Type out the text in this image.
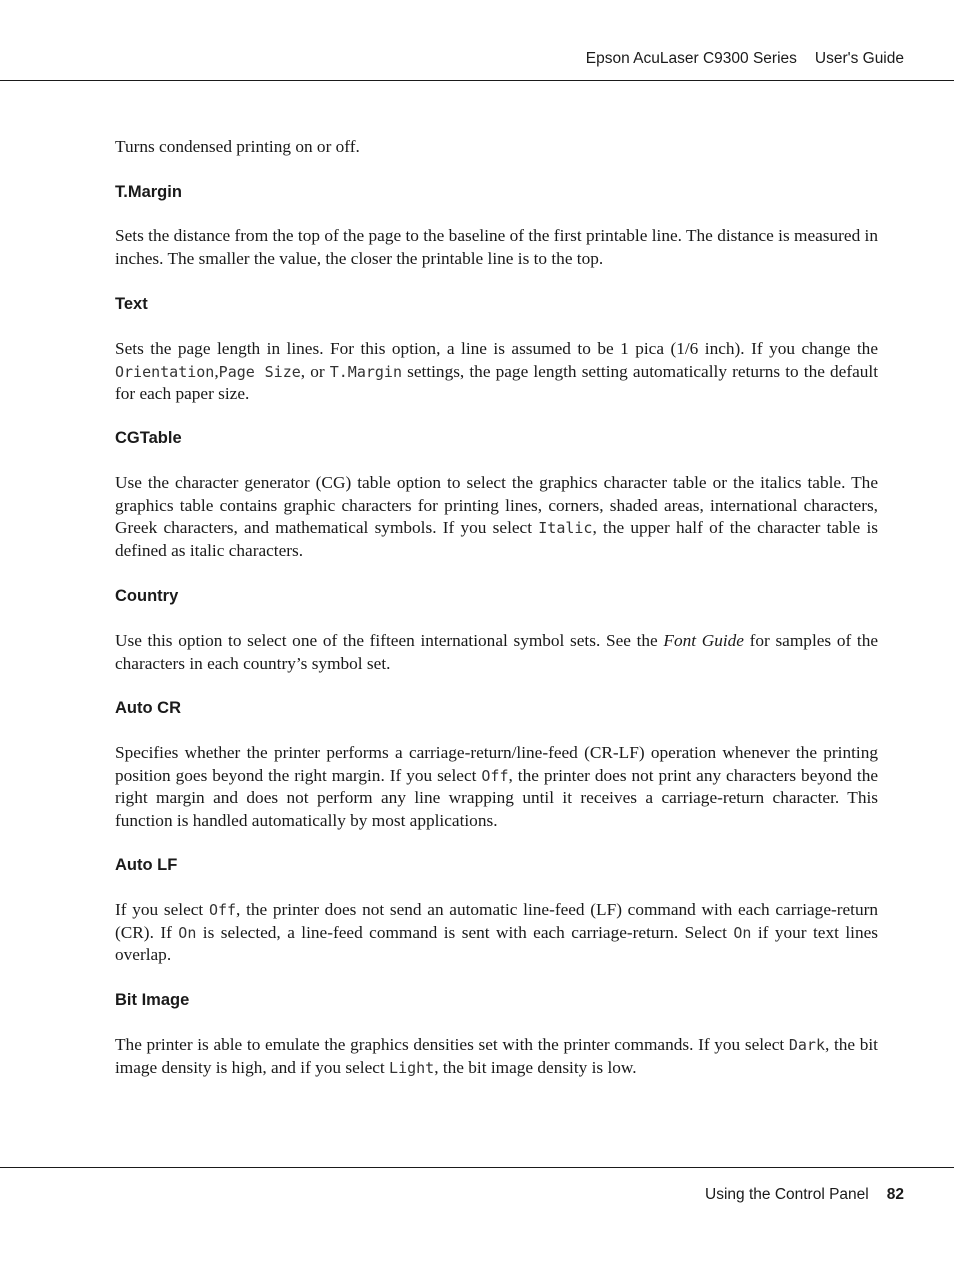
Epson AcuLaser C9300 Series User's Guide
Turns condensed printing on or off.
T.Margin
Sets the distance from the top of the page to the baseline of the first printable line. The distance is measured in inches. The smaller the value, the closer the printable line is to the top.
Text
Sets the page length in lines. For this option, a line is assumed to be 1 pica (1/6 inch). If you change the Orientation,Page Size, or T.Margin settings, the page length setting automatically returns to the default for each paper size.
CGTable
Use the character generator (CG) table option to select the graphics character table or the italics table. The graphics table contains graphic characters for printing lines, corners, shaded areas, international characters, Greek characters, and mathematical symbols. If you select Italic, the upper half of the character table is defined as italic characters.
Country
Use this option to select one of the fifteen international symbol sets. See the Font Guide for samples of the characters in each country’s symbol set.
Auto CR
Specifies whether the printer performs a carriage-return/line-feed (CR-LF) operation whenever the printing position goes beyond the right margin. If you select Off, the printer does not print any characters beyond the right margin and does not perform any line wrapping until it receives a carriage-return character. This function is handled automatically by most applications.
Auto LF
If you select Off, the printer does not send an automatic line-feed (LF) command with each carriage-return (CR). If On is selected, a line-feed command is sent with each carriage-return. Select On if your text lines overlap.
Bit Image
The printer is able to emulate the graphics densities set with the printer commands. If you select Dark, the bit image density is high, and if you select Light, the bit image density is low.
Using the Control Panel 82
